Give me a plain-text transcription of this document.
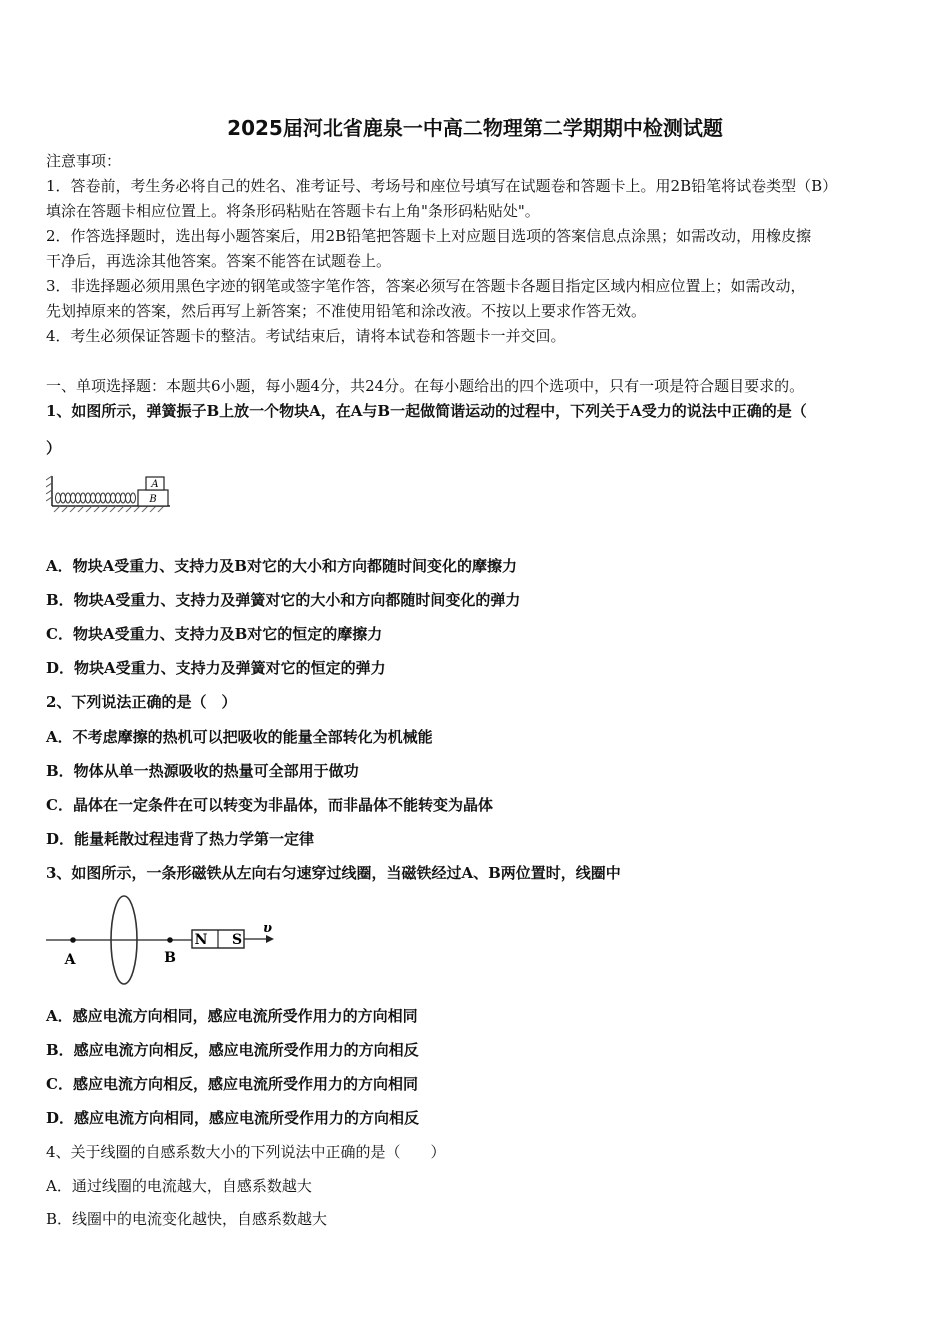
2025届河北省鹿泉一中高二物理第二学期期中检测试题
注意事项：
1．答卷前，考生务必将自己的姓名、准考证号、考场号和座位号填写在试题卷和答题卡上。用2B铅笔将试卷类型（B）
填涂在答题卡相应位置上。将条形码粘贴在答题卡右上角"条形码粘贴处"。
2．作答选择题时，选出每小题答案后，用2B铅笔把答题卡上对应题目选项的答案信息点涂黑；如需改动，用橡皮擦
干净后，再选涂其他答案。答案不能答在试题卷上。
3．非选择题必须用黑色字迹的钢笔或签字笔作答，答案必须写在答题卡各题目指定区域内相应位置上；如需改动，
先划掉原来的答案，然后再写上新答案；不准使用铅笔和涂改液。不按以上要求作答无效。
4．考生必须保证答题卡的整洁。考试结束后，请将本试卷和答题卡一并交回。
一、单项选择题：本题共6小题，每小题4分，共24分。在每小题给出的四个选项中，只有一项是符合题目要求的。
1、如图所示，弹簧振子B上放一个物块A，在A与B一起做简谐运动的过程中，下列关于A受力的说法中正确的是（
）
A
B
A．物块A受重力、支持力及B对它的大小和方向都随时间变化的摩擦力
B．物块A受重力、支持力及弹簧对它的大小和方向都随时间变化的弹力
C．物块A受重力、支持力及B对它的恒定的摩擦力
D．物块A受重力、支持力及弹簧对它的恒定的弹力
2、下列说法正确的是（　）
A．不考虑摩擦的热机可以把吸收的能量全部转化为机械能
B．物体从单一热源吸收的热量可全部用于做功
C．晶体在一定条件在可以转变为非晶体，而非晶体不能转变为晶体
D．能量耗散过程违背了热力学第一定律
3、如图所示，一条形磁铁从左向右匀速穿过线圈，当磁铁经过A、B两位置时，线圈中
A	B
N S
υ
A．感应电流方向相同，感应电流所受作用力的方向相同
B．感应电流方向相反，感应电流所受作用力的方向相反
C．感应电流方向相反，感应电流所受作用力的方向相同
D．感应电流方向相同，感应电流所受作用力的方向相反
4、关于线圈的自感系数大小的下列说法中正确的是（　　）
A．通过线圈的电流越大，自感系数越大
B．线圈中的电流变化越快，自感系数越大
